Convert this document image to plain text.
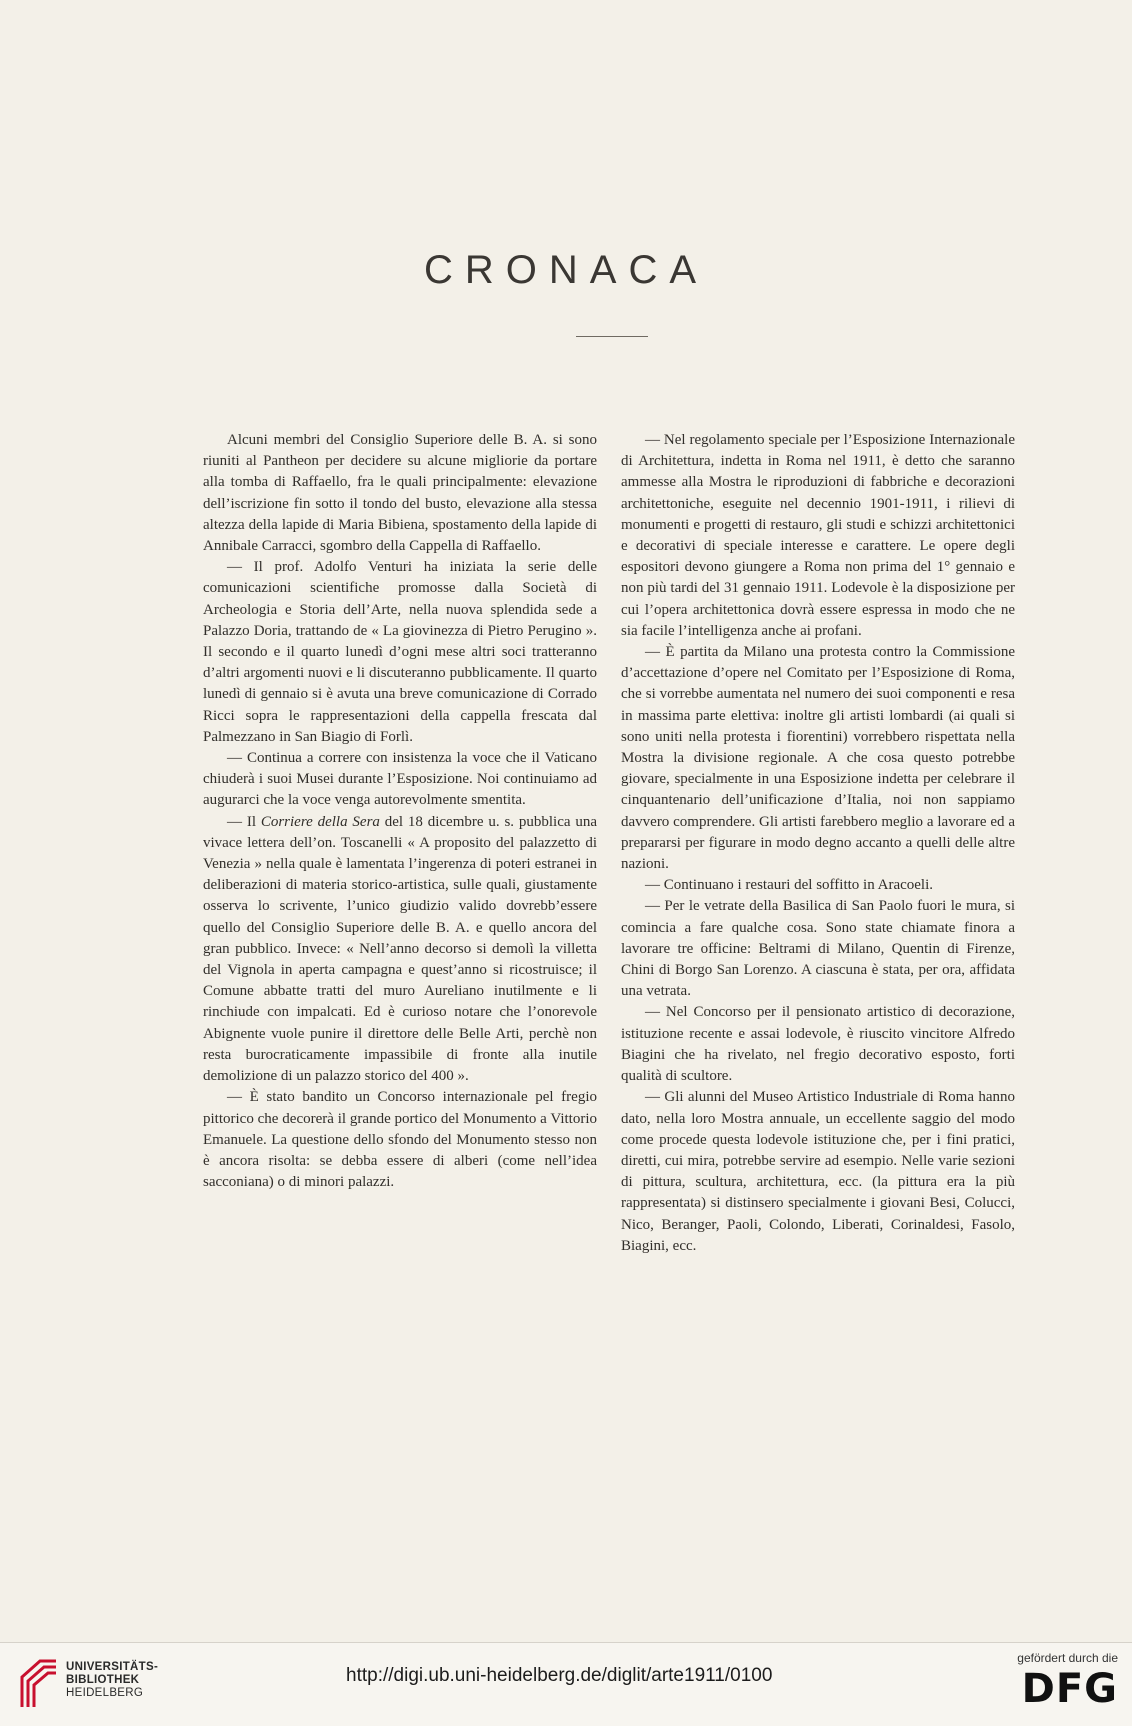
CRONACA

Alcuni membri del Consiglio Superiore delle B. A. si sono riuniti al Pantheon per decidere su alcune migliorie da portare alla tomba di Raffaello, fra le quali principalmente: elevazione dell’iscrizione fin sotto il tondo del busto, elevazione alla stessa altezza della lapide di Maria Bibiena, spostamento della lapide di Annibale Carracci, sgombro della Cappella di Raffaello.

— Il prof. Adolfo Venturi ha iniziata la serie delle comunicazioni scientifiche promosse dalla Società di Archeologia e Storia dell’Arte, nella nuova splendida sede a Palazzo Doria, trattando de « La giovinezza di Pietro Perugino ». Il secondo e il quarto lunedì d’ogni mese altri soci tratteranno d’altri argomenti nuovi e li discuteranno pubblicamente. Il quarto lunedì di gennaio si è avuta una breve comunicazione di Corrado Ricci sopra le rappresentazioni della cappella frescata dal Palmezzano in San Biagio di Forlì.

— Continua a correre con insistenza la voce che il Vaticano chiuderà i suoi Musei durante l’Esposizione. Noi continuiamo ad augurarci che la voce venga autorevolmente smentita.

— Il Corriere della Sera del 18 dicembre u. s. pubblica una vivace lettera dell’on. Toscanelli « A proposito del palazzetto di Venezia » nella quale è lamentata l’ingerenza di poteri estranei in deliberazioni di materia storico-artistica, sulle quali, giustamente osserva lo scrivente, l’unico giudizio valido dovrebb’essere quello del Consiglio Superiore delle B. A. e quello ancora del gran pubblico. Invece: « Nell’anno decorso si demolì la villetta del Vignola in aperta campagna e quest’anno si ricostruisce; il Comune abbatte tratti del muro Aureliano inutilmente e li rinchiude con impalcati. Ed è curioso notare che l’onorevole Abignente vuole punire il direttore delle Belle Arti, perchè non resta burocraticamente impassibile di fronte alla inutile demolizione di un palazzo storico del 400 ».

— È stato bandito un Concorso internazionale pel fregio pittorico che decorerà il grande portico del Monumento a Vittorio Emanuele. La questione dello sfondo del Monumento stesso non è ancora risolta: se debba essere di alberi (come nell’idea sacconiana) o di minori palazzi.

— Nel regolamento speciale per l’Esposizione Internazionale di Architettura, indetta in Roma nel 1911, è detto che saranno ammesse alla Mostra le riproduzioni di fabbriche e decorazioni architettoniche, eseguite nel decennio 1901-1911, i rilievi di monumenti e progetti di restauro, gli studi e schizzi architettonici e decorativi di speciale interesse e carattere. Le opere degli espositori devono giungere a Roma non prima del 1° gennaio e non più tardi del 31 gennaio 1911. Lodevole è la disposizione per cui l’opera architettonica dovrà essere espressa in modo che ne sia facile l’intelligenza anche ai profani.

— È partita da Milano una protesta contro la Commissione d’accettazione d’opere nel Comitato per l’Esposizione di Roma, che si vorrebbe aumentata nel numero dei suoi componenti e resa in massima parte elettiva: inoltre gli artisti lombardi (ai quali si sono uniti nella protesta i fiorentini) vorrebbero rispettata nella Mostra la divisione regionale. A che cosa questo potrebbe giovare, specialmente in una Esposizione indetta per celebrare il cinquantenario dell’unificazione d’Italia, noi non sappiamo davvero comprendere. Gli artisti farebbero meglio a lavorare ed a prepararsi per figurare in modo degno accanto a quelli delle altre nazioni.

— Continuano i restauri del soffitto in Aracoeli.

— Per le vetrate della Basilica di San Paolo fuori le mura, si comincia a fare qualche cosa. Sono state chiamate finora a lavorare tre officine: Beltrami di Milano, Quentin di Firenze, Chini di Borgo San Lorenzo. A ciascuna è stata, per ora, affidata una vetrata.

— Nel Concorso per il pensionato artistico di decorazione, istituzione recente e assai lodevole, è riuscito vincitore Alfredo Biagini che ha rivelato, nel fregio decorativo esposto, forti qualità di scultore.

— Gli alunni del Museo Artistico Industriale di Roma hanno dato, nella loro Mostra annuale, un eccellente saggio del modo come procede questa lodevole istituzione che, per i fini pratici, diretti, cui mira, potrebbe servire ad esempio. Nelle varie sezioni di pittura, scultura, architettura, ecc. (la pittura era la più rappresentata) si distinsero specialmente i giovani Besi, Colucci, Nico, Beranger, Paoli, Colondo, Liberati, Corinaldesi, Fasolo, Biagini, ecc.

UNIVERSITÄTS-
BIBLIOTHEK
HEIDELBERG
http://digi.ub.uni-heidelberg.de/diglit/arte1911/0100
gefördert durch die
DFG
